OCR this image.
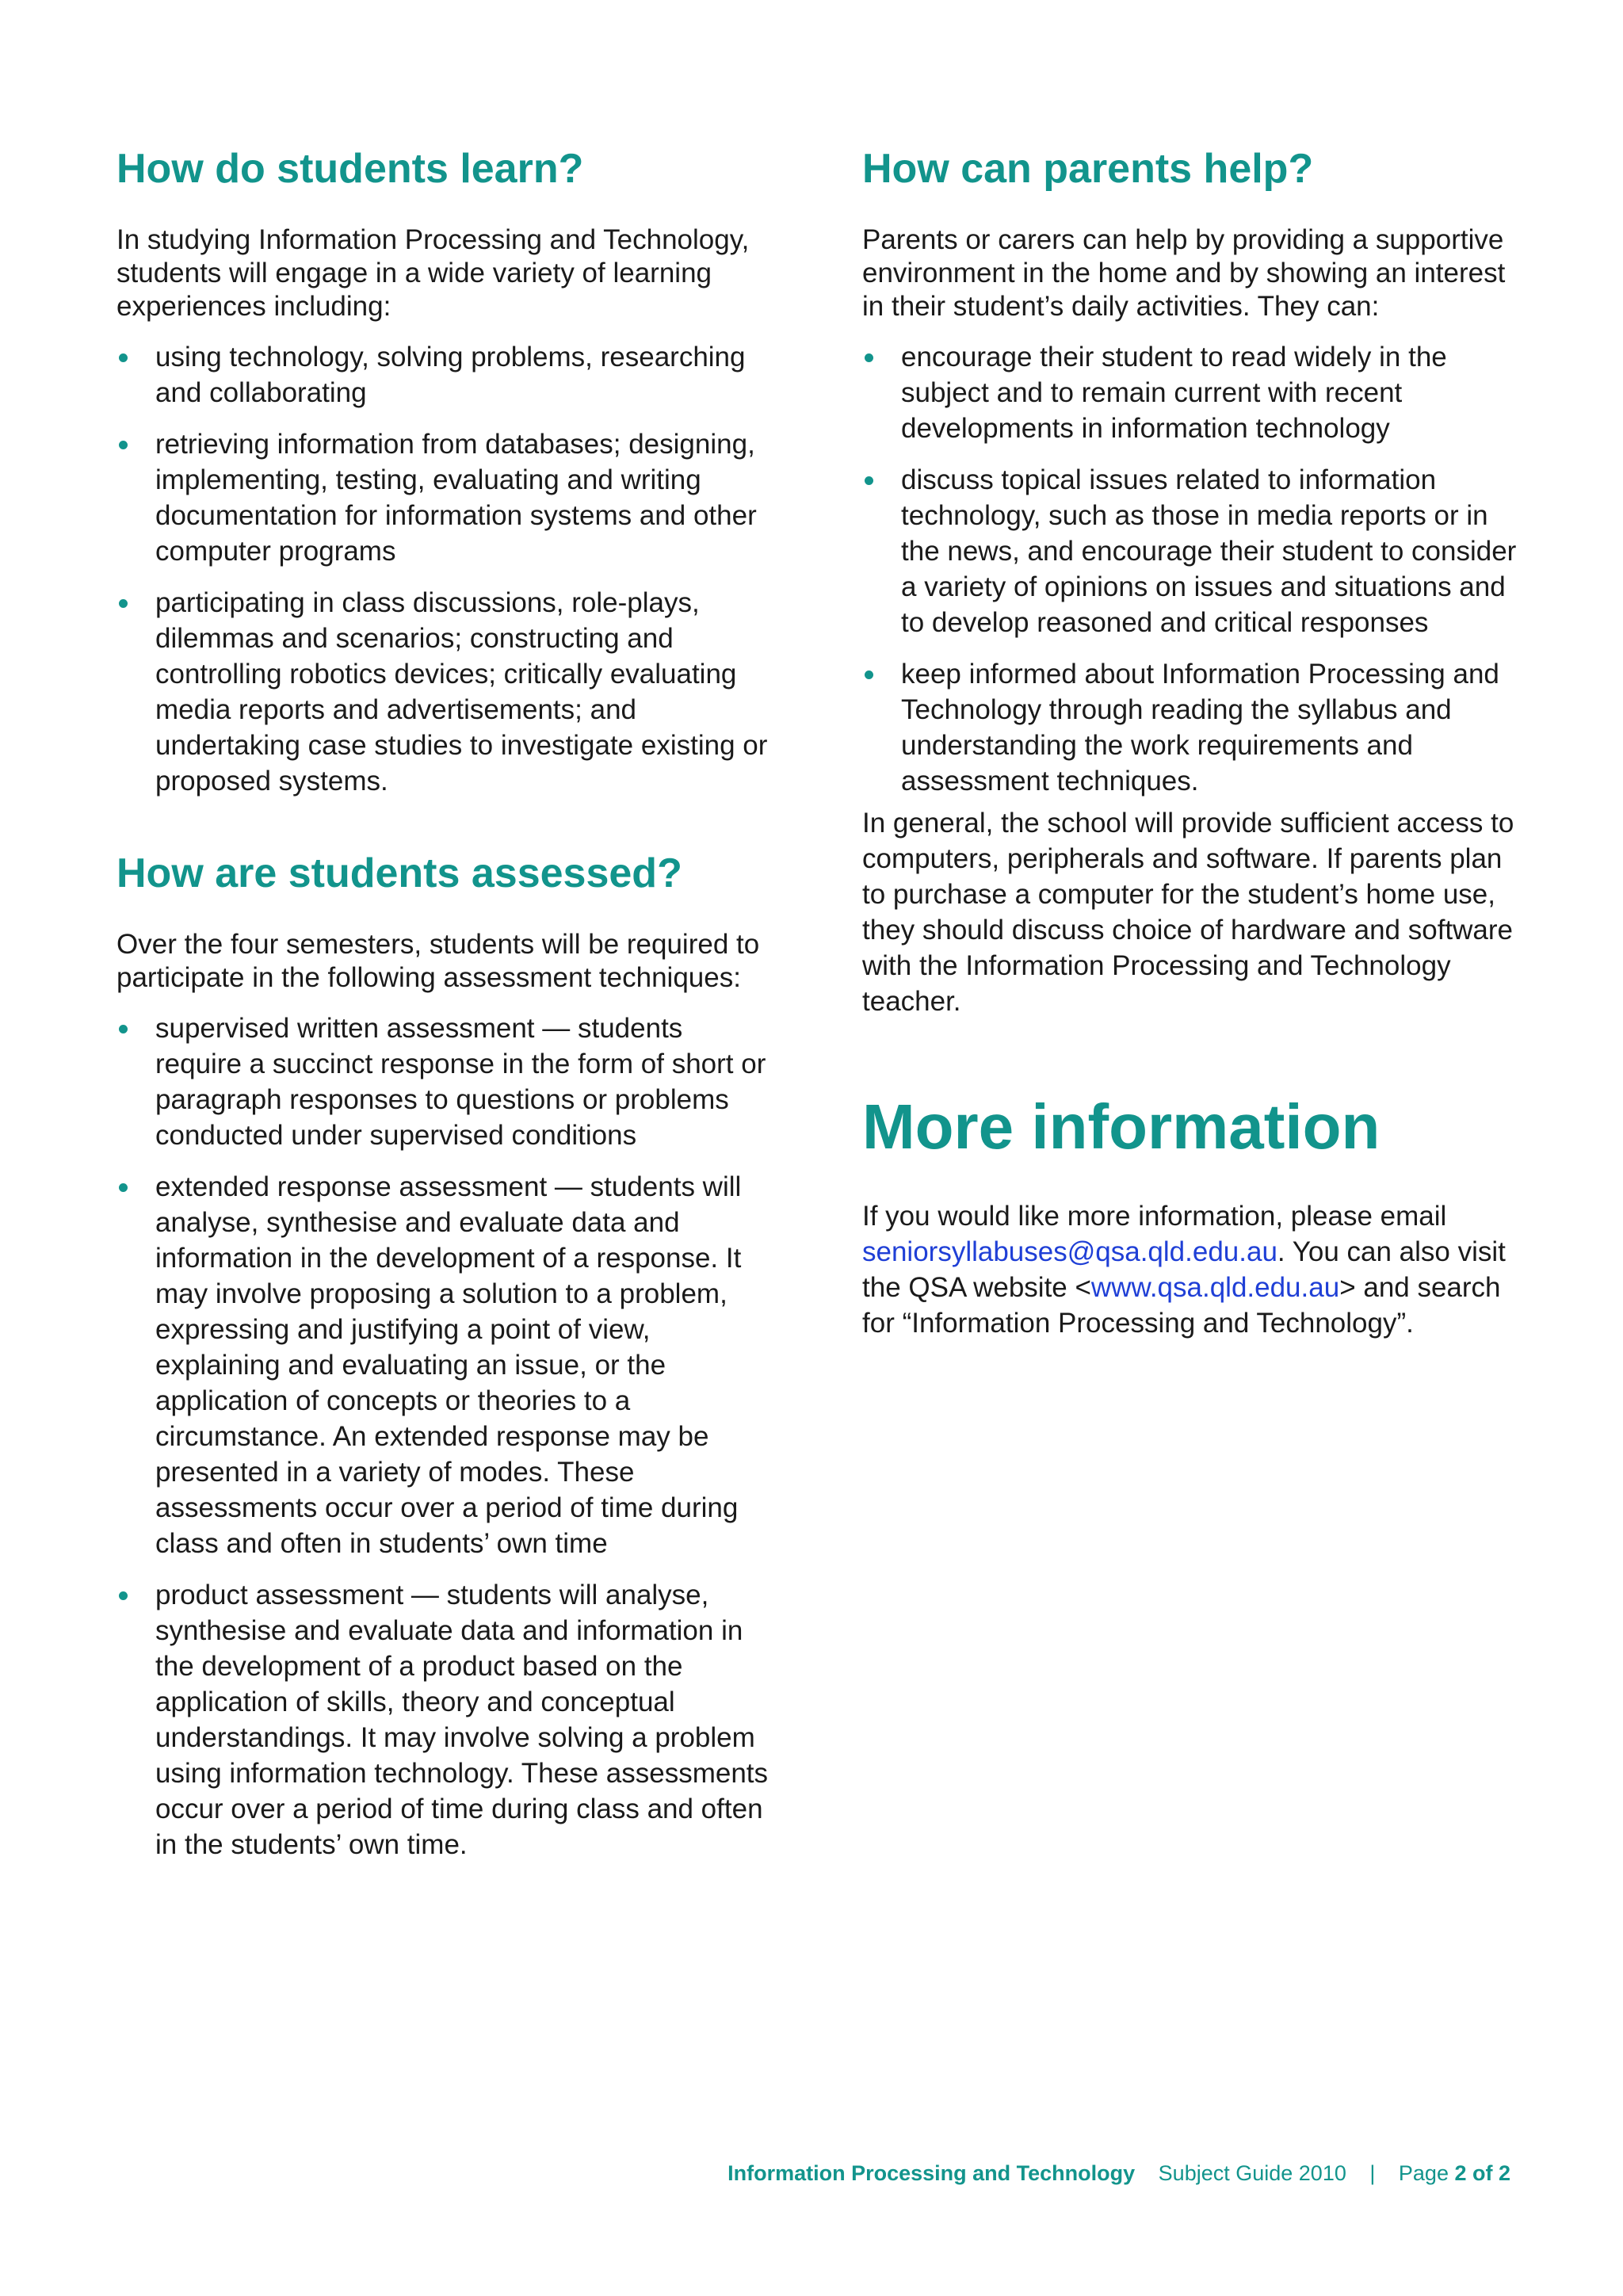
How do students learn?

In studying Information Processing and Technology, students will engage in a wide variety of learning experiences including:

using technology, solving problems, researching and collaborating
retrieving information from databases; designing, implementing, testing, evaluating and writing documentation for information systems and other computer programs
participating in class discussions, role-plays, dilemmas and scenarios; constructing and controlling robotics devices; critically evaluating media reports and advertisements; and undertaking case studies to investigate existing or proposed systems.
How are students assessed?

Over the four semesters, students will be required to participate in the following assessment techniques:

supervised written assessment — students require a succinct response in the form of short or paragraph responses to questions or problems conducted under supervised conditions
extended response assessment — students will analyse, synthesise and evaluate data and information in the development of a response. It may involve proposing a solution to a problem, expressing and justifying a point of view, explaining and evaluating an issue, or the application of concepts or theories to a circumstance. An extended response may be presented in a variety of modes. These assessments occur over a period of time during class and often in students’ own time
product assessment — students will analyse, synthesise and evaluate data and information in the development of a product based on the application of skills, theory and conceptual understandings. It may involve solving a problem using information technology. These assessments occur over a period of time during class and often in the students’ own time.
How can parents help?

Parents or carers can help by providing a supportive environment in the home and by showing an interest in their student’s daily activities. They can:

encourage their student to read widely in the subject and to remain current with recent developments in information technology
discuss topical issues related to information technology, such as those in media reports or in the news, and encourage their student to consider a variety of opinions on issues and situations and to develop reasoned and critical responses
keep informed about Information Processing and Technology through reading the syllabus and understanding the work requirements and assessment techniques.

In general, the school will provide sufficient access to computers, peripherals and software. If parents plan to purchase a computer for the student’s home use, they should discuss choice of hardware and software with the Information Processing and Technology teacher.

More information

If you would like more information, please email seniorsyllabuses@qsa.qld.edu.au. You can also visit the QSA website <www.qsa.qld.edu.au> and search for “Information Processing and Technology”.

Information Processing and Technology Subject Guide 2010 | Page 2 of 2
